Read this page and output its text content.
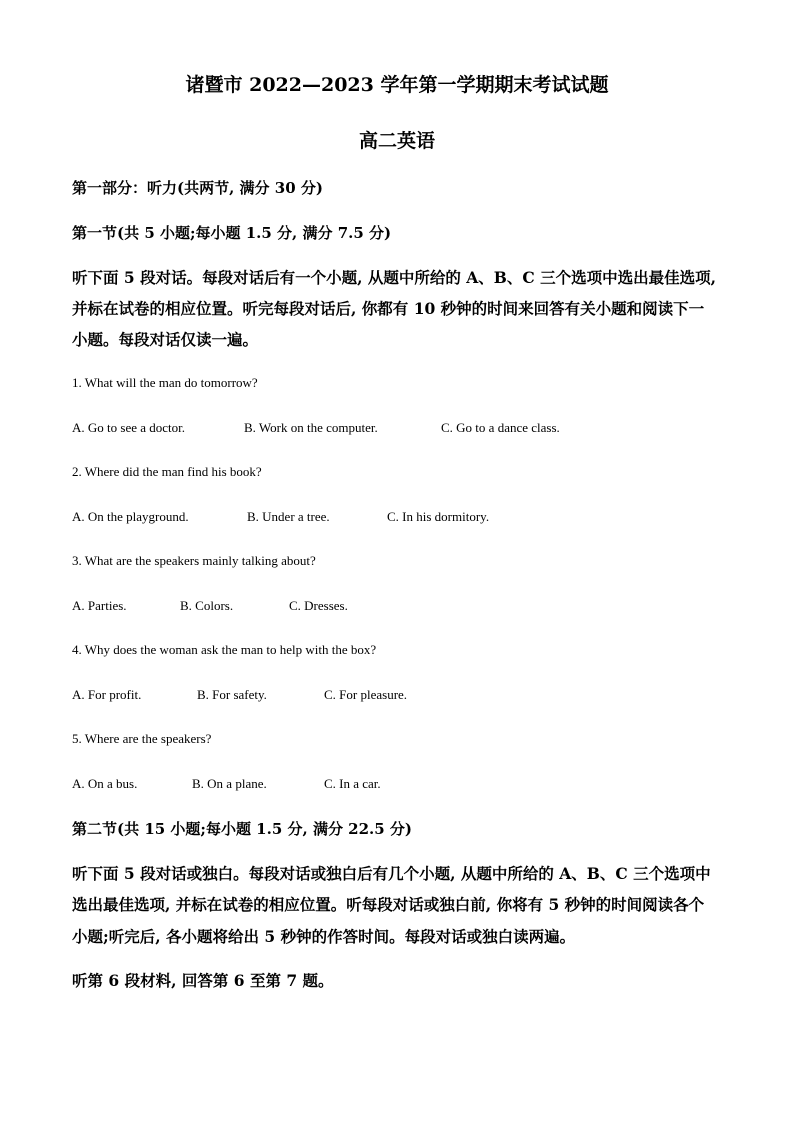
诸暨市 2022—2023 学年第一学期期末考试试题
高二英语
第一部分：听力(共两节, 满分 30 分)
第一节(共 5 小题;每小题 1.5 分, 满分 7.5 分)
听下面 5 段对话。每段对话后有一个小题, 从题中所给的 A、B、C 三个选项中选出最佳选项,
并标在试卷的相应位置。听完每段对话后, 你都有 10 秒钟的时间来回答有关小题和阅读下一
小题。每段对话仅读一遍。
1. What will the man do tomorrow?
A. Go to see a doctor.	B. Work on the computer.	C. Go to a dance class.
2. Where did the man find his book?
A. On the playground.	B. Under a tree.	C. In his dormitory.
3. What are the speakers mainly talking about?
A. Parties.	B. Colors.	C. Dresses.
4. Why does the woman ask the man to help with the box?
A. For profit.	B. For safety.	C. For pleasure.
5. Where are the speakers?
A. On a bus.	B. On a plane.	C. In a car.
第二节(共 15 小题;每小题 1.5 分, 满分 22.5 分)
听下面 5 段对话或独白。每段对话或独白后有几个小题, 从题中所给的 A、B、C 三个选项中
选出最佳选项, 并标在试卷的相应位置。听每段对话或独白前, 你将有 5 秒钟的时间阅读各个
小题;听完后, 各小题将给出 5 秒钟的作答时间。每段对话或独白读两遍。
听第 6 段材料, 回答第 6 至第 7 题。
